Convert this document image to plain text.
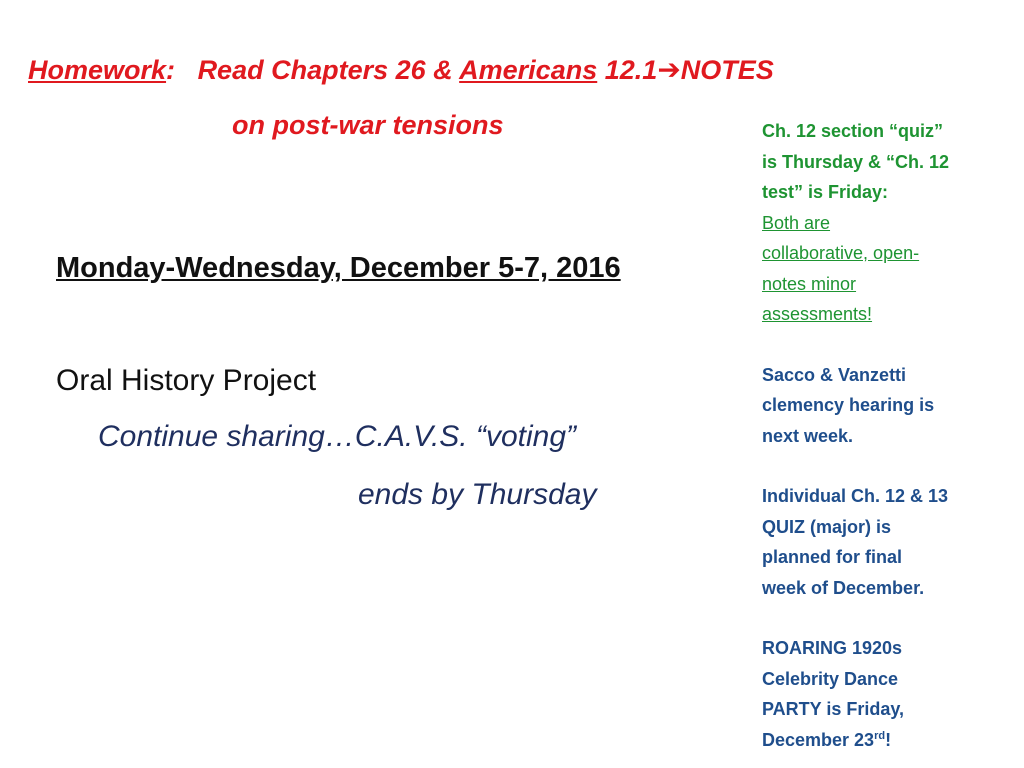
Homework: Read Chapters 26 & Americans 12.1➔NOTES
on post-war tensions
Monday-Wednesday, December 5-7, 2016
Oral History Project
Continue sharing…C.A.V.S. “voting”
ends by Thursday
Ch. 12 section “quiz”
is Thursday & “Ch. 12
test” is Friday:
Both are
collaborative, open-
notes minor
assessments!
Sacco & Vanzetti
clemency hearing is
next week.
Individual Ch. 12 & 13
QUIZ (major) is
planned for final
week of December.
ROARING 1920s
Celebrity Dance
PARTY is Friday,
December 23rd!
